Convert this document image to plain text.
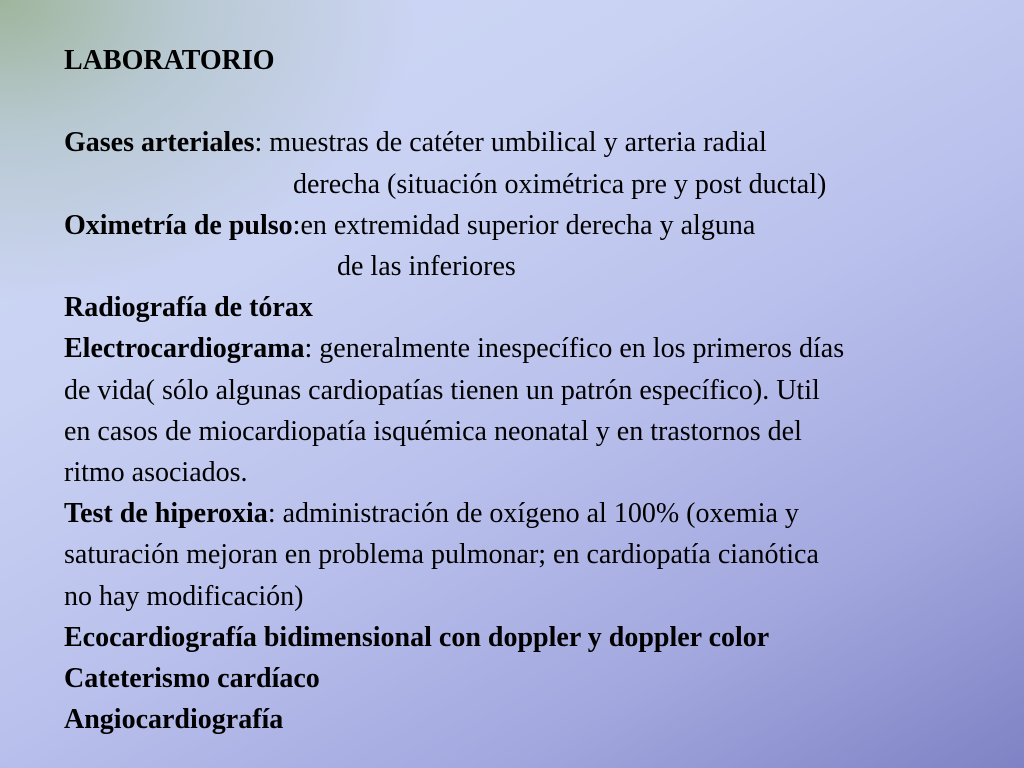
LABORATORIO
Gases arteriales: muestras de catéter umbilical y arteria radial
derecha (situación oximétrica pre y post ductal)
Oximetría de pulso:en extremidad superior derecha y alguna
de las inferiores
Radiografía de tórax
Electrocardiograma: generalmente inespecífico en los primeros días
de vida( sólo algunas cardiopatías tienen un patrón específico). Util
en casos de miocardiopatía isquémica neonatal y en trastornos del
ritmo asociados.
Test de hiperoxia: administración de oxígeno al 100% (oxemia y
saturación mejoran en problema pulmonar; en cardiopatía cianótica
no hay modificación)
Ecocardiografía bidimensional con doppler y doppler color
Cateterismo cardíaco
Angiocardiografía
